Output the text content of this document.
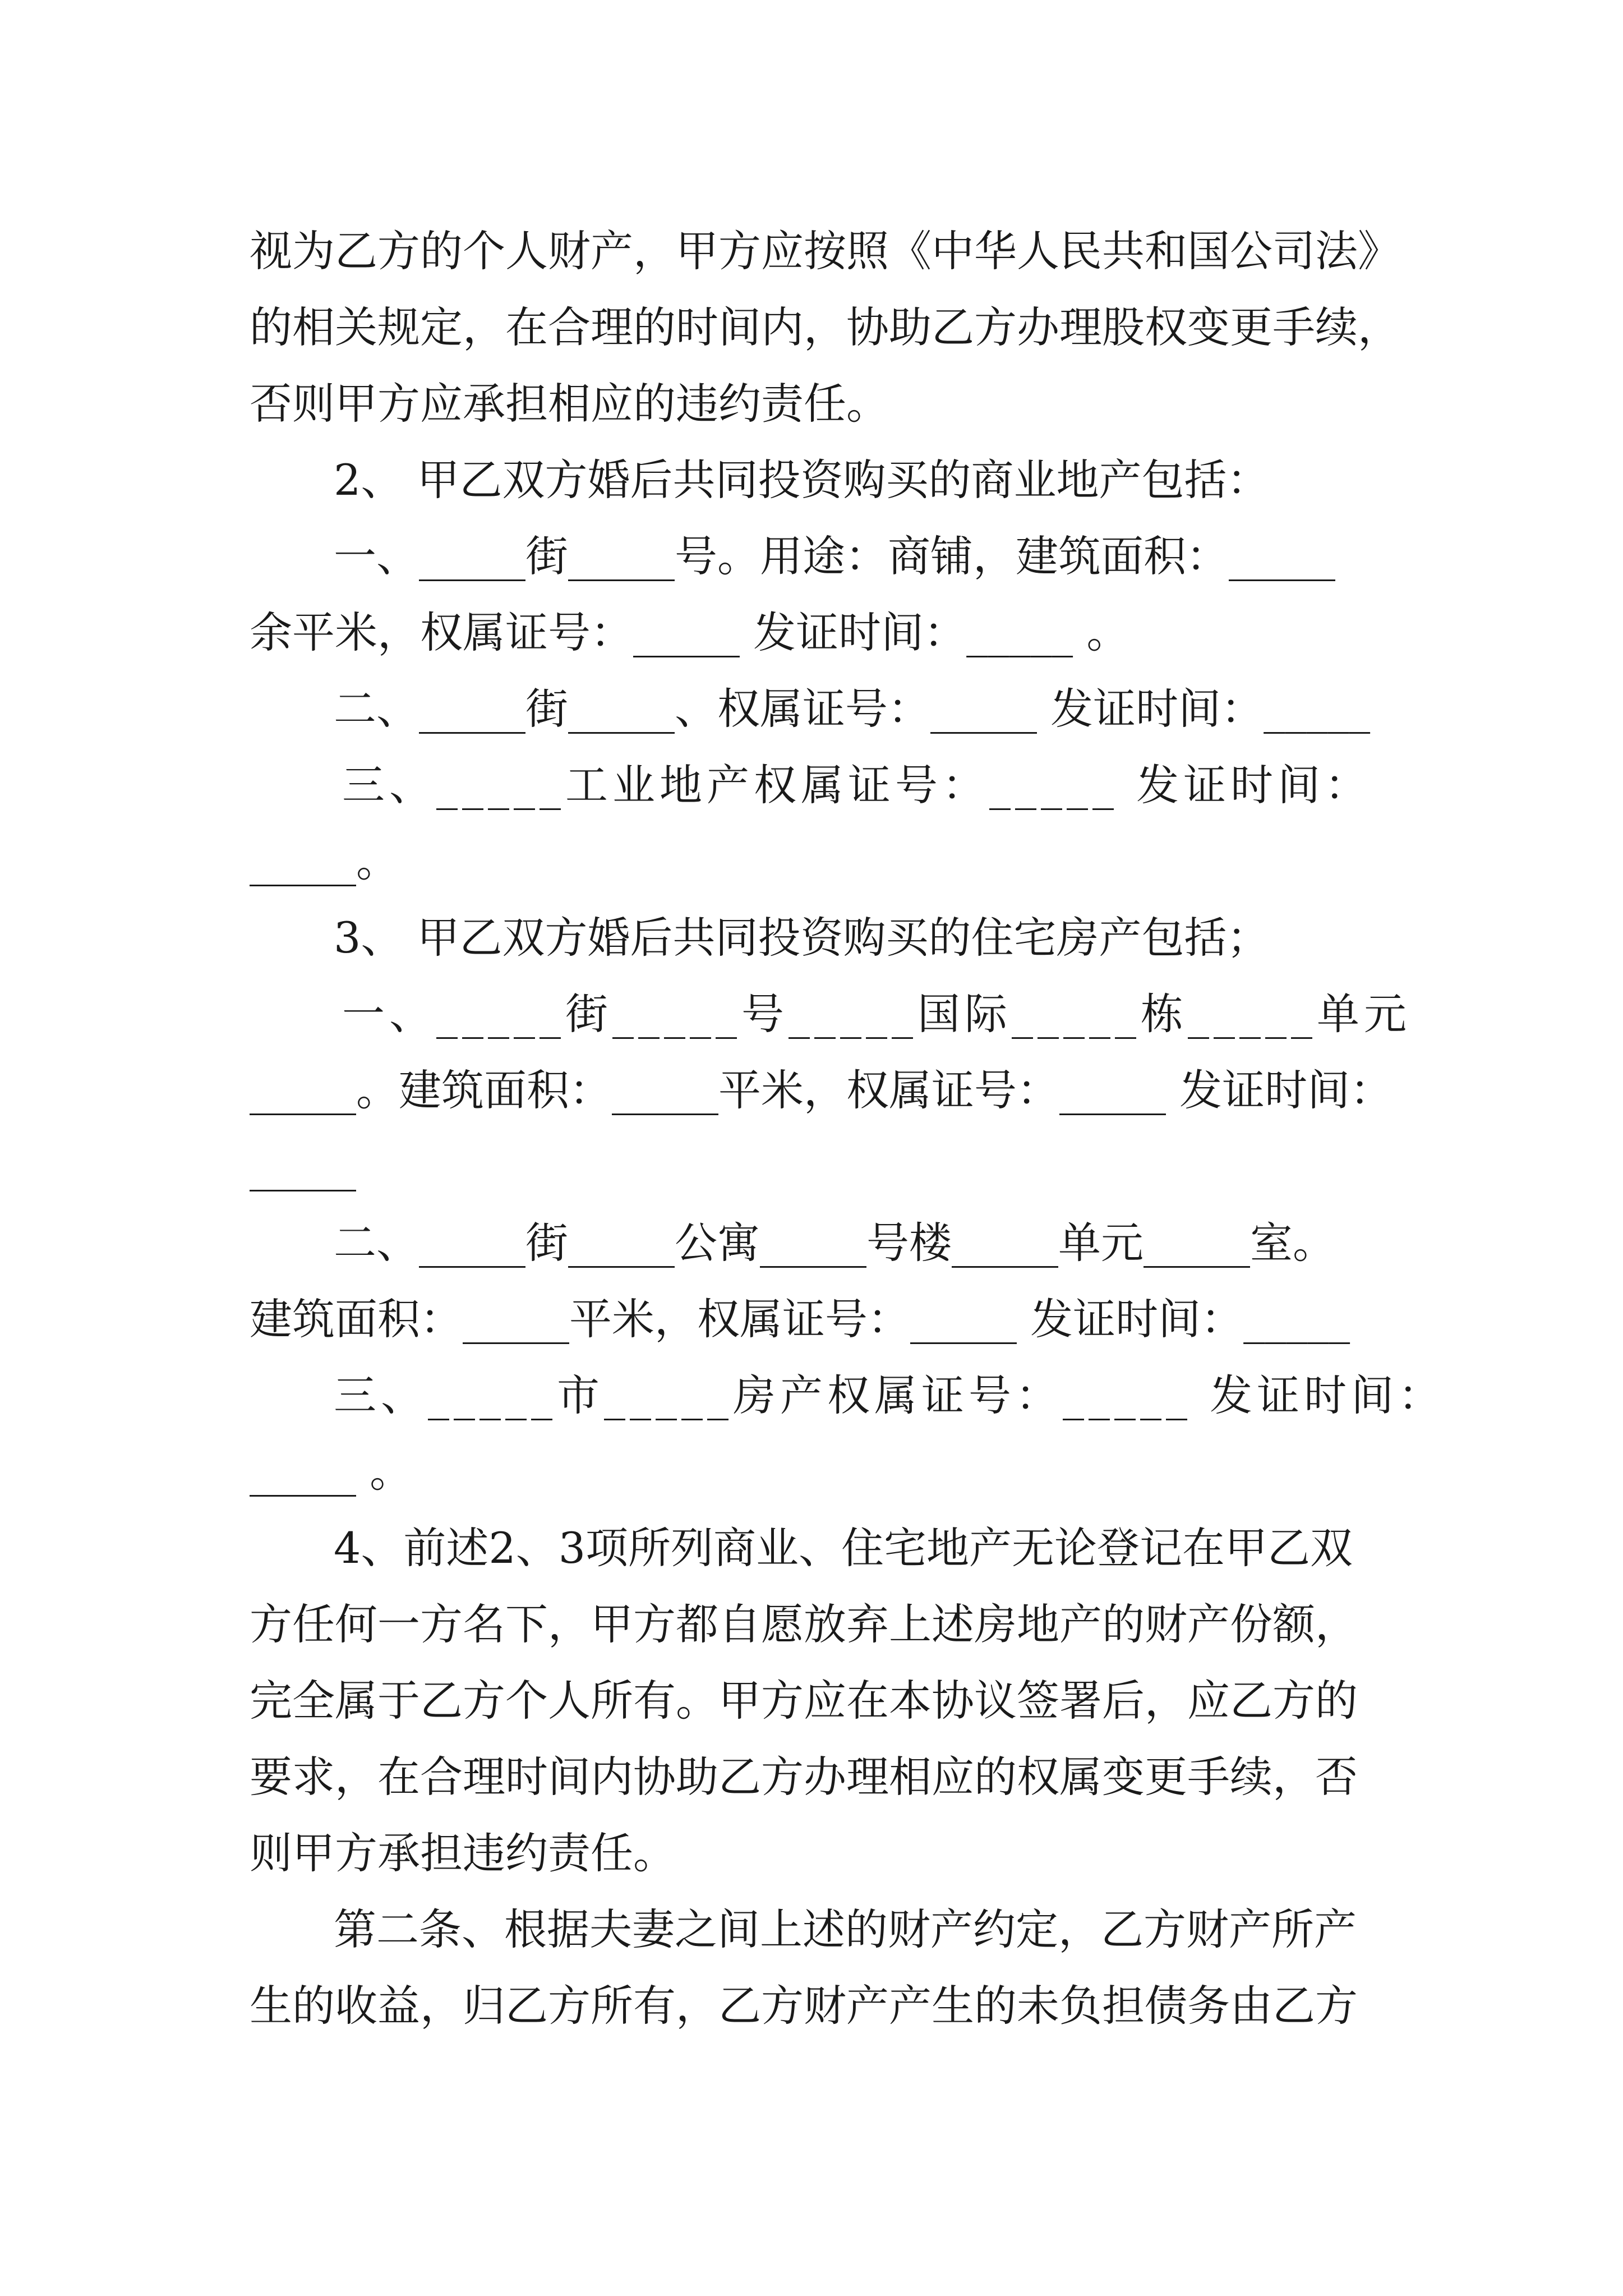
视为乙方的个人财产，甲方应按照《中华人民共和国公司法》
的相关规定，在合理的时间内，协助乙方办理股权变更手续，
否则甲方应承担相应的违约责任。
2、 甲乙双方婚后共同投资购买的商业地产包括：
一、_____街_____号。用途：商铺，建筑面积：_____
余平米，权属证号：_____ 发证时间：_____ 。
二、_____街_____、权属证号：_____ 发证时间：_____
三、_____工业地产权属证号：_____ 发证时间：
_____。
3、 甲乙双方婚后共同投资购买的住宅房产包括；
一、_____街_____号_____国际_____栋_____单元
_____。建筑面积：_____平米，权属证号：_____ 发证时间：
_____
二、_____街_____公寓_____号楼_____单元_____室。
建筑面积：_____平米，权属证号：_____ 发证时间：_____
三、_____市_____房产权属证号：_____ 发证时间：
_____ 。
4、前述2、3项所列商业、住宅地产无论登记在甲乙双
方任何一方名下，甲方都自愿放弃上述房地产的财产份额，
完全属于乙方个人所有。甲方应在本协议签署后，应乙方的
要求，在合理时间内协助乙方办理相应的权属变更手续，否
则甲方承担违约责任。
第二条、根据夫妻之间上述的财产约定，乙方财产所产
生的收益，归乙方所有，乙方财产产生的未负担债务由乙方
